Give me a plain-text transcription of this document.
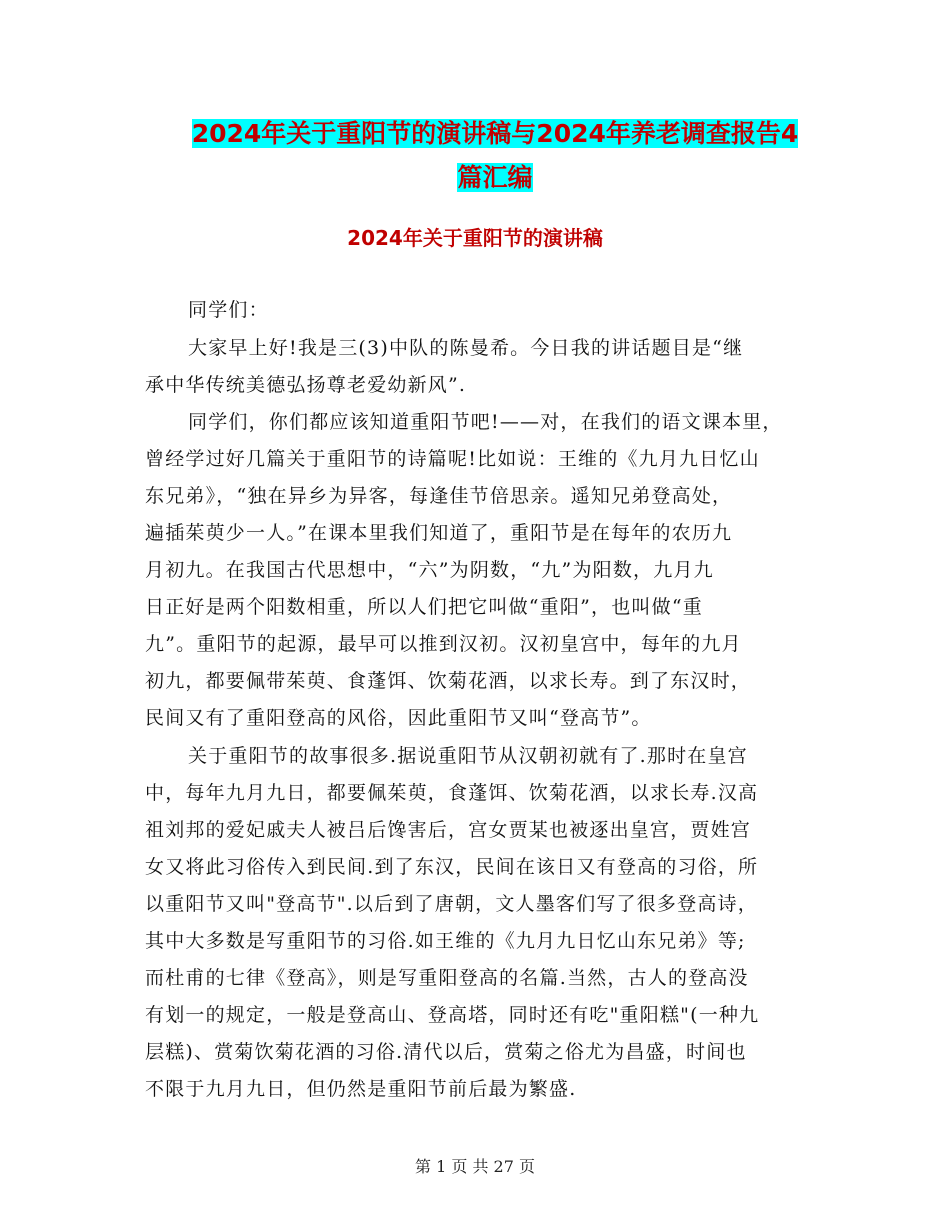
2024年关于重阳节的演讲稿与2024年养老调查报告4
篇汇编
2024年关于重阳节的演讲稿
同学们：
大家早上好!我是三(3)中队的陈曼希。今日我的讲话题目是“继
承中华传统美德弘扬尊老爱幼新风”.
同学们，你们都应该知道重阳节吧!——对，在我们的语文课本里，
曾经学过好几篇关于重阳节的诗篇呢!比如说：王维的《九月九日忆山
东兄弟》，“独在异乡为异客，每逢佳节倍思亲。遥知兄弟登高处，
遍插茱萸少一人。”在课本里我们知道了，重阳节是在每年的农历九
月初九。在我国古代思想中，“六”为阴数，“九”为阳数，九月九
日正好是两个阳数相重，所以人们把它叫做“重阳”，也叫做“重
九”。重阳节的起源，最早可以推到汉初。汉初皇宫中，每年的九月
初九，都要佩带茱萸、食蓬饵、饮菊花酒，以求长寿。到了东汉时，
民间又有了重阳登高的风俗，因此重阳节又叫“登高节”。
关于重阳节的故事很多.据说重阳节从汉朝初就有了.那时在皇宫
中，每年九月九日，都要佩茱萸，食蓬饵、饮菊花酒，以求长寿.汉高
祖刘邦的爱妃戚夫人被吕后馋害后，宫女贾某也被逐出皇宫，贾姓宫
女又将此习俗传入到民间.到了东汉，民间在该日又有登高的习俗，所
以重阳节又叫"登高节".以后到了唐朝，文人墨客们写了很多登高诗，
其中大多数是写重阳节的习俗.如王维的《九月九日忆山东兄弟》等;
而杜甫的七律《登高》，则是写重阳登高的名篇.当然，古人的登高没
有划一的规定，一般是登高山、登高塔，同时还有吃"重阳糕"(一种九
层糕)、赏菊饮菊花酒的习俗.清代以后，赏菊之俗尤为昌盛，时间也
不限于九月九日，但仍然是重阳节前后最为繁盛.
第 1 页 共 27 页
